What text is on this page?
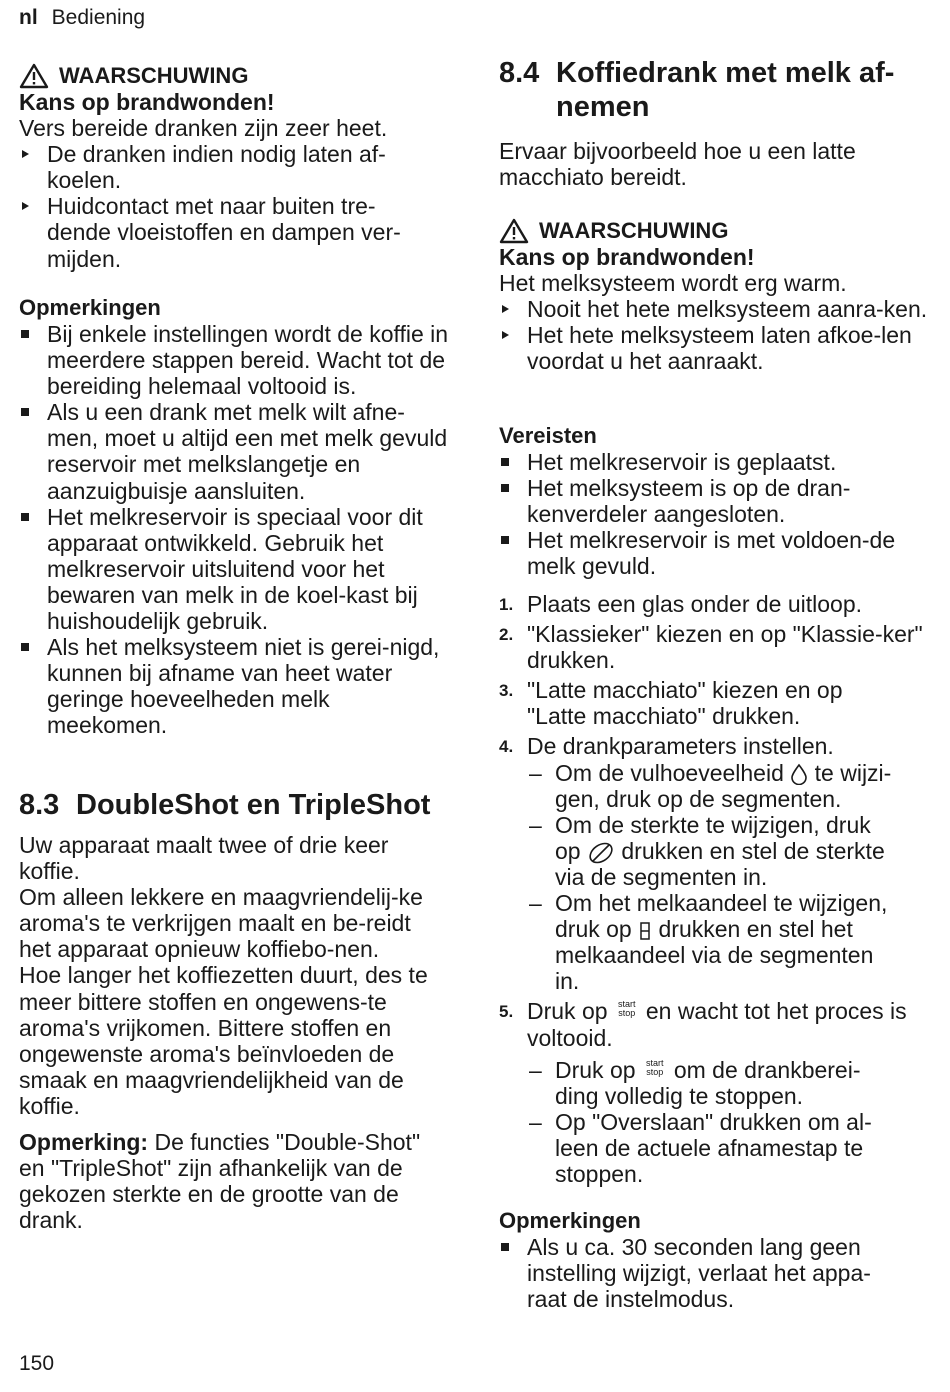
nl Bediening
WAARSCHUWING
Kans op brandwonden!
Vers bereide dranken zijn zeer heet.
De dranken indien nodig laten af-koelen.
Huidcontact met naar buiten tre-dende vloeistoffen en dampen ver-mijden.
Opmerkingen
Bij enkele instellingen wordt de koffie in meerdere stappen bereid. Wacht tot de bereiding helemaal voltooid is.
Als u een drank met melk wilt afne-men, moet u altijd een met melk gevuld reservoir met melkslangetje en aanzuigbuisje aansluiten.
Het melkreservoir is speciaal voor dit apparaat ontwikkeld. Gebruik het melkreservoir uitsluitend voor het bewaren van melk in de koel-kast bij huishoudelijk gebruik.
Als het melksysteem niet is gerei-nigd, kunnen bij afname van heet water geringe hoeveelheden melk meekomen.
8.3 DoubleShot en TripleShot

Uw apparaat maalt twee of drie keer koffie.

Om alleen lekkere en maagvriendelij-ke aroma's te verkrijgen maalt en be-reidt het apparaat opnieuw koffiebo-nen.

Hoe langer het koffiezetten duurt, des te meer bittere stoffen en ongewens-te aroma's vrijkomen. Bittere stoffen en ongewenste aroma's beïnvloeden de smaak en maagvriendelijkheid van de koffie.

Opmerking: De functies "Double-Shot" en "TripleShot" zijn afhankelijk van de gekozen sterkte en de grootte van de drank.

8.4 Koffiedrank met melk af-nemen
Ervaar bijvoorbeeld hoe u een latte macchiato bereidt.
WAARSCHUWING
Kans op brandwonden!
Het melksysteem wordt erg warm.
Nooit het hete melksysteem aanra-ken.
Het hete melksysteem laten afkoe-len voordat u het aanraakt.
Vereisten
Het melkreservoir is geplaatst.
Het melksysteem is op de dran-kenverdeler aangesloten.
Het melkreservoir is met voldoen-de melk gevuld.
1. Plaats een glas onder de uitloop.
2. "Klassieker" kiezen en op "Klassie-ker" drukken.
3. "Latte macchiato" kiezen en op "Latte macchiato" drukken.
4. De drankparameters instellen.
– Om de vulhoeveelheid  te wijzi-gen, druk op de segmenten.
– Om de sterkte te wijzigen, druk op  drukken en stel de sterkte via de segmenten in.
– Om het melkaandeel te wijzigen, druk op  drukken en stel het melkaandeel via de segmenten in.
5. Druk op start
stop en wacht tot het proces is voltooid.
– Druk op start
stop om de drankberei-ding volledig te stoppen.
– Op "Overslaan" drukken om al-leen de actuele afnamestap te stoppen.
Opmerkingen
Als u ca. 30 seconden lang geen instelling wijzigt, verlaat het appa-raat de instelmodus.
150
